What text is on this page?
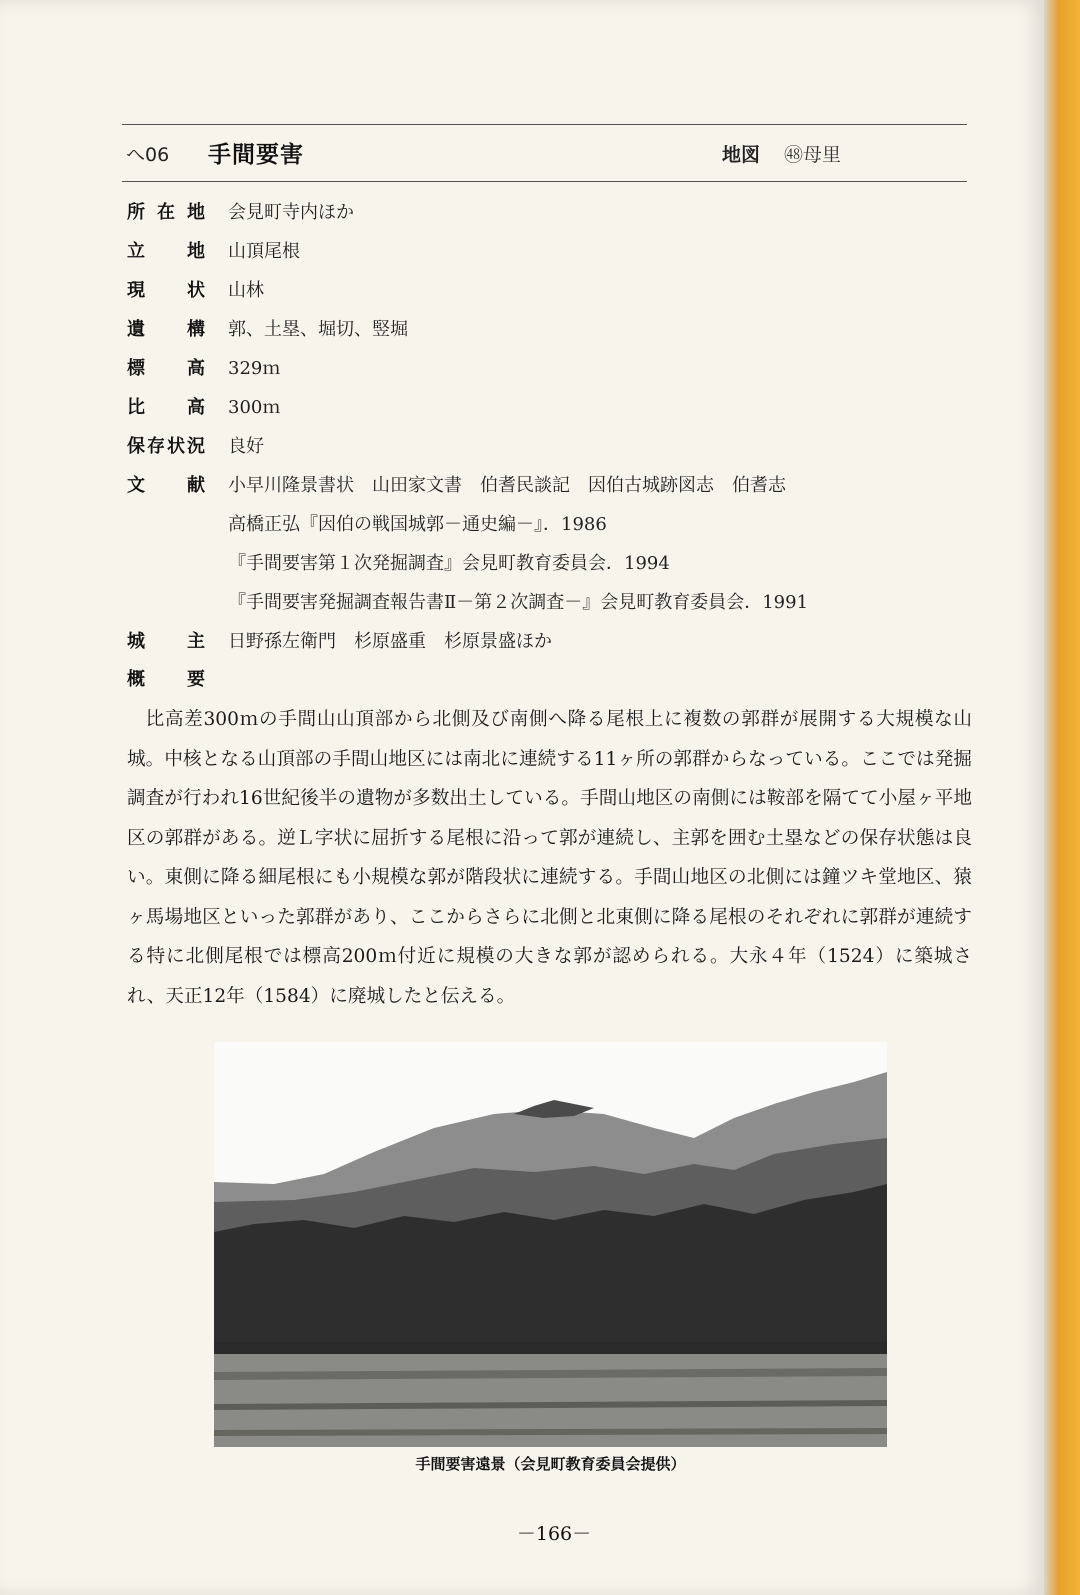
へ06 手間要害	地図 ㊽母里
所在地 会見町寺内ほか
立地 山頂尾根
現状 山林
遺構 郭、土塁、堀切、竪堀
標高 329ｍ
比高 300ｍ
保存状況 良好
文献 小早川隆景書状　山田家文書　伯耆民談記　因伯古城跡図志　伯耆志
高橋正弘『因伯の戦国城郭－通史編－』．1986
『手間要害第１次発掘調査』会見町教育委員会．1994
『手間要害発掘調査報告書Ⅱ－第２次調査－』会見町教育委員会．1991
城主 日野孫左衛門　杉原盛重　杉原景盛ほか
概要

比高差300ｍの手間山山頂部から北側及び南側へ降る尾根上に複数の郭群が展開する大規模な山城。中核となる山頂部の手間山地区には南北に連続する11ヶ所の郭群からなっている。ここでは発掘調査が行われ16世紀後半の遺物が多数出土している。手間山地区の南側には鞍部を隔てて小屋ヶ平地区の郭群がある。逆Ｌ字状に屈折する尾根に沿って郭が連続し、主郭を囲む土塁などの保存状態は良い。東側に降る細尾根にも小規模な郭が階段状に連続する。手間山地区の北側には鐘ツキ堂地区、猿ヶ馬場地区といった郭群があり、ここからさらに北側と北東側に降る尾根のそれぞれに郭群が連続する特に北側尾根では標高200ｍ付近に規模の大きな郭が認められる。大永４年（1524）に築城され、天正12年（1584）に廃城したと伝える。

手間要害遠景（会見町教育委員会提供）
－166－
